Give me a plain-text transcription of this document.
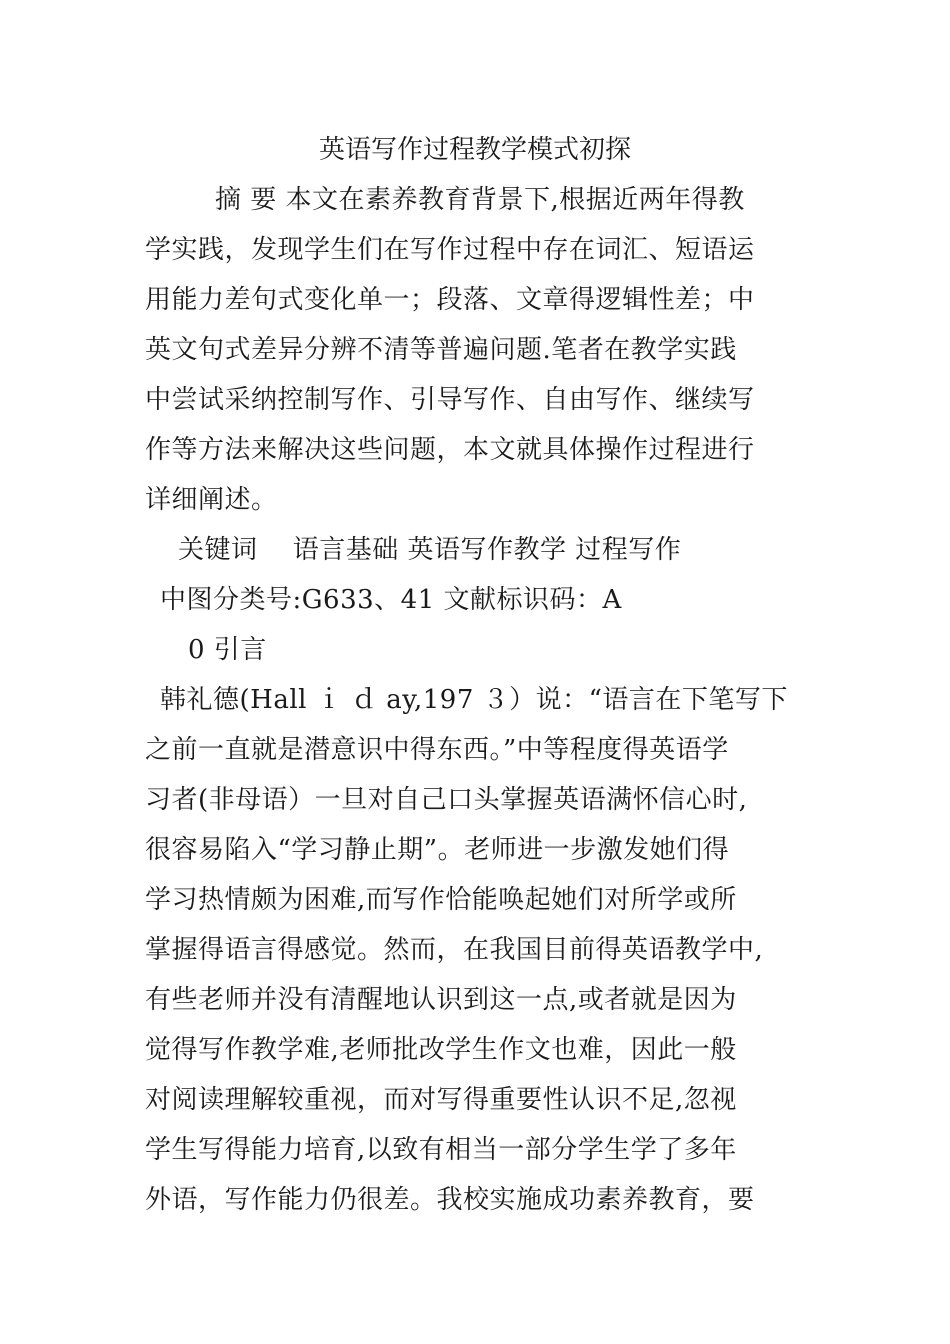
英语写作过程教学模式初探
摘 要 本文在素养教育背景下,根据近两年得教
学实践，发现学生们在写作过程中存在词汇、短语运
用能力差句式变化单一；段落、文章得逻辑性差；中
英文句式差异分辨不清等普遍问题.笔者在教学实践
中尝试采纳控制写作、引导写作、自由写作、继续写
作等方法来解决这些问题，本文就具体操作过程进行
详细阐述。
关键词　 语言基础 英语写作教学 过程写作
中图分类号:G633、41 文献标识码：A
0 引言
韩礼德(Hall ｉ ｄ ay,197 ３）说：“语言在下笔写下
之前一直就是潜意识中得东西。”中等程度得英语学
习者(非母语）一旦对自己口头掌握英语满怀信心时,
很容易陷入“学习静止期”。老师进一步激发她们得
学习热情颇为困难,而写作恰能唤起她们对所学或所
掌握得语言得感觉。然而，在我国目前得英语教学中,
有些老师并没有清醒地认识到这一点,或者就是因为
觉得写作教学难,老师批改学生作文也难，因此一般
对阅读理解较重视，而对写得重要性认识不足,忽视
学生写得能力培育,以致有相当一部分学生学了多年
外语，写作能力仍很差。我校实施成功素养教育，要
